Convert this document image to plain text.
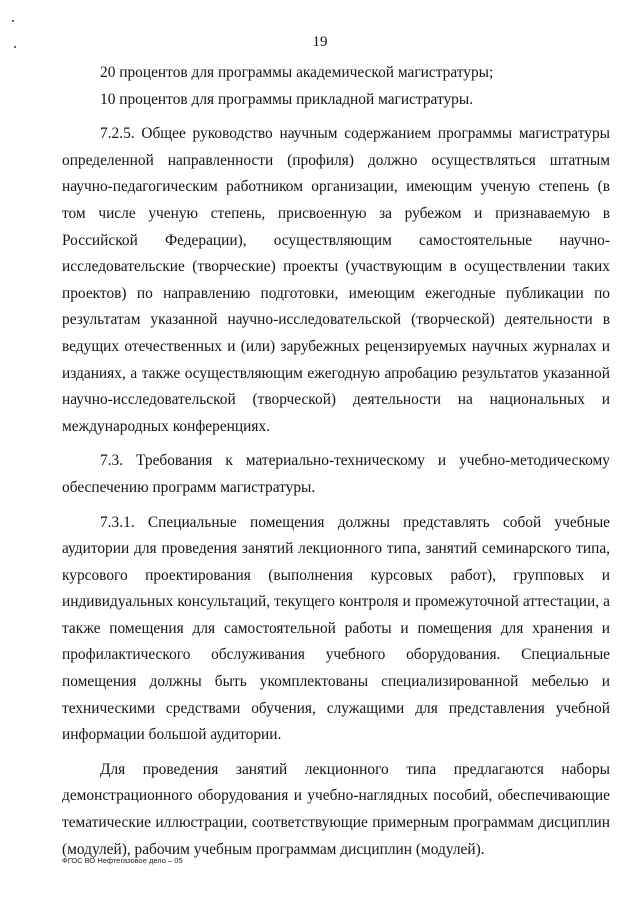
19

20 процентов для программы академической магистратуры;

10 процентов для программы прикладной магистратуры.

7.2.5. Общее руководство научным содержанием программы магистратуры определенной направленности (профиля) должно осуществляться штатным научно-педагогическим работником организации, имеющим ученую степень (в том числе ученую степень, присвоенную за рубежом и признаваемую в Российской Федерации), осуществляющим самостоятельные научно-исследовательские (творческие) проекты (участвующим в осуществлении таких проектов) по направлению подготовки, имеющим ежегодные публикации по результатам указанной научно-исследовательской (творческой) деятельности в ведущих отечественных и (или) зарубежных рецензируемых научных журналах и изданиях, а также осуществляющим ежегодную апробацию результатов указанной научно-исследовательской (творческой) деятельности на национальных и международных конференциях.

7.3. Требования к материально-техническому и учебно-методическому обеспечению программ магистратуры.

7.3.1. Специальные помещения должны представлять собой учебные аудитории для проведения занятий лекционного типа, занятий семинарского типа, курсового проектирования (выполнения курсовых работ), групповых и индивидуальных консультаций, текущего контроля и промежуточной аттестации, а также помещения для самостоятельной работы и помещения для хранения и профилактического обслуживания учебного оборудования. Специальные помещения должны быть укомплектованы специализированной мебелью и техническими средствами обучения, служащими для представления учебной информации большой аудитории.

Для проведения занятий лекционного типа предлагаются наборы демонстрационного оборудования и учебно-наглядных пособий, обеспечивающие тематические иллюстрации, соответствующие примерным программам дисциплин (модулей), рабочим учебным программам дисциплин (модулей).

ФГОС ВО Нефтегазовое дело – 05
